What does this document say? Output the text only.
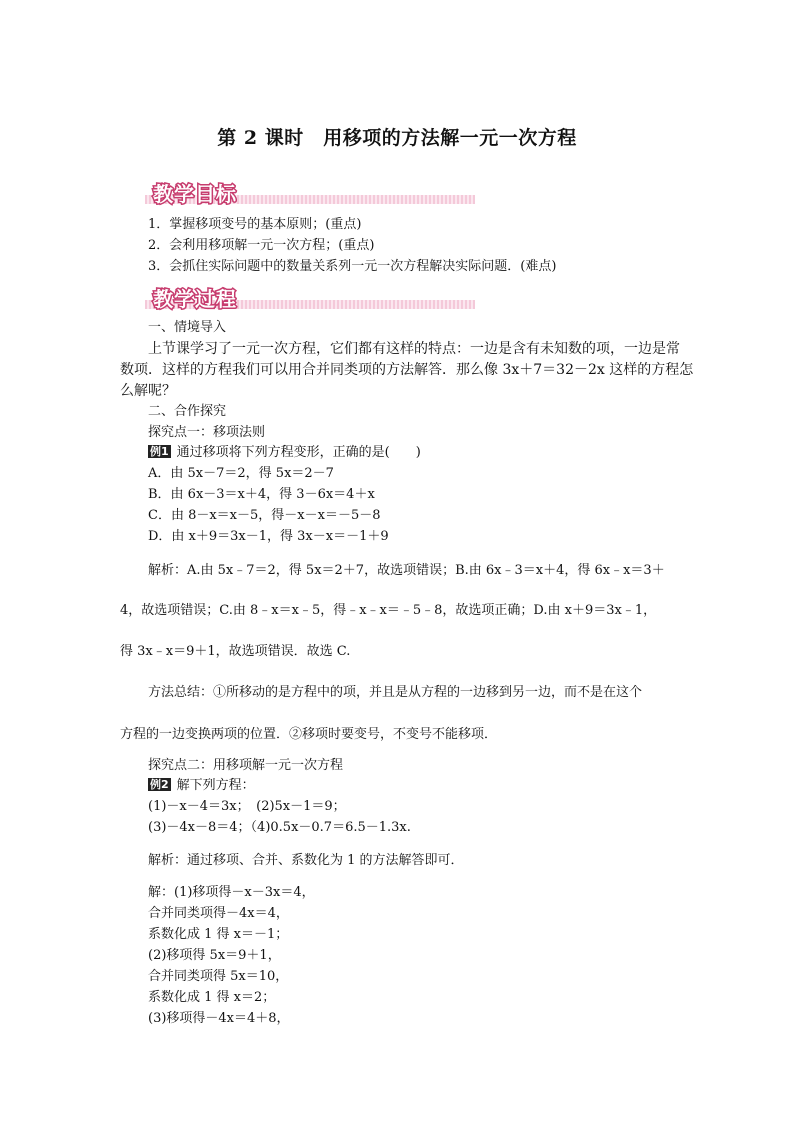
第 2 课时　用移项的方法解一元一次方程
教学目标
1．掌握移项变号的基本原则；(重点)
2．会利用移项解一元一次方程；(重点)
3．会抓住实际问题中的数量关系列一元一次方程解决实际问题．(难点)
教学过程
一、情境导入
上节课学习了一元一次方程，它们都有这样的特点：一边是含有未知数的项，一边是常
数项．这样的方程我们可以用合并同类项的方法解答．那么像 3x＋7＝32－2x 这样的方程怎
么解呢？
二、合作探究
探究点一：移项法则
例1 通过移项将下列方程变形，正确的是(　　)
A．由 5x－7＝2，得 5x＝2－7
B．由 6x－3＝x＋4，得 3－6x＝4＋x
C．由 8－x＝x－5，得－x－x＝－5－8
D．由 x＋9＝3x－1，得 3x－x＝－1＋9
解析：A.由 5x﹣7＝2，得 5x＝2＋7，故选项错误；B.由 6x﹣3＝x＋4，得 6x﹣x＝3＋
4，故选项错误；C.由 8﹣x＝x﹣5，得﹣x﹣x＝﹣5﹣8，故选项正确；D.由 x＋9＝3x﹣1，
得 3x﹣x＝9＋1，故选项错误．故选 C.
方法总结：①所移动的是方程中的项，并且是从方程的一边移到另一边，而不是在这个
方程的一边变换两项的位置．②移项时要变号，不变号不能移项．
探究点二：用移项解一元一次方程
例2 解下列方程：
(1)－x－4＝3x；　(2)5x－1＝9；
(3)－4x－8＝4；（4)0.5x－0.7＝6.5－1.3x.
解析：通过移项、合并、系数化为 1 的方法解答即可．
解：(1)移项得－x－3x＝4，
合并同类项得－4x＝4，
系数化成 1 得 x＝－1；
(2)移项得 5x＝9＋1，
合并同类项得 5x＝10，
系数化成 1 得 x＝2；
(3)移项得－4x＝4＋8，
